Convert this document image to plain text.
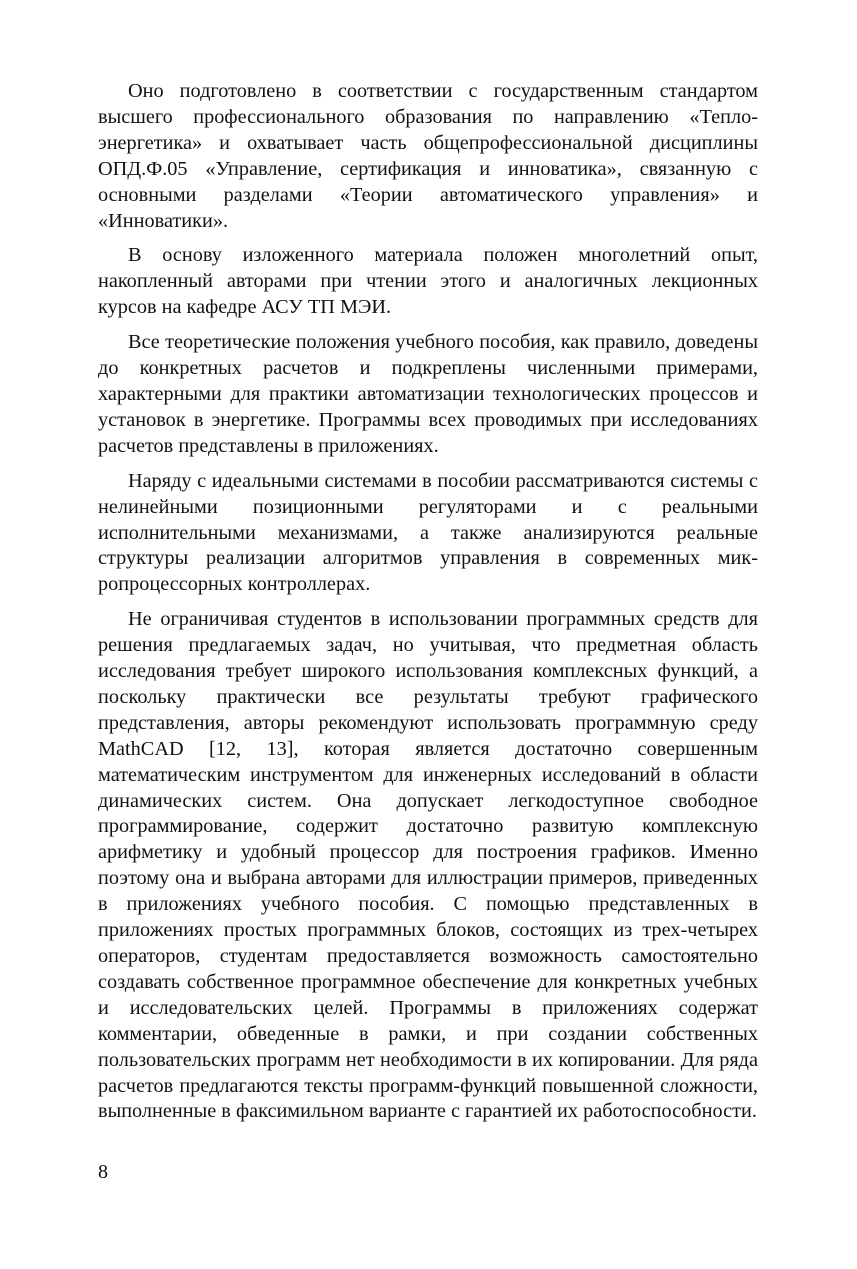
Оно подготовлено в соответствии с государственным стандартом высшего профессионального образования по направлению «Теплоэнергетика» и охватывает часть общепрофессиональной дисциплины ОПД.Ф.05 «Управление, сертификация и инноватика», связанную с основными разделами «Теории автоматического управления» и «Инноватики».

В основу изложенного материала положен многолетний опыт, накопленный авторами при чтении этого и аналогичных лекционных курсов на кафедре АСУ ТП МЭИ.

Все теоретические положения учебного пособия, как правило, доведены до конкретных расчетов и подкреплены численными примерами, характерными для практики автоматизации технологических процессов и установок в энергетике. Программы всех проводимых при исследованиях расчетов представлены в приложениях.

Наряду с идеальными системами в пособии рассматриваются системы с нелинейными позиционными регуляторами и с реальными исполнительными механизмами, а также анализируются реальные структуры реализации алгоритмов управления в современных микропроцессорных контроллерах.

Не ограничивая студентов в использовании программных средств для решения предлагаемых задач, но учитывая, что предметная область исследования требует широкого использования комплексных функций, а поскольку практически все результаты требуют графического представления, авторы рекомендуют использовать программную среду MathCAD [12, 13], которая является достаточно совершенным математическим инструментом для инженерных исследований в области динамических систем. Она допускает легкодоступное свободное программирование, содержит достаточно развитую комплексную арифметику и удобный процессор для построения графиков. Именно поэтому она и выбрана авторами для иллюстрации примеров, приведенных в приложениях учебного пособия. С помощью представленных в приложениях простых программных блоков, состоящих из трех-четырех операторов, студентам предоставляется возможность самостоятельно создавать собственное программное обеспечение для конкретных учебных и исследовательских целей. Программы в приложениях содержат комментарии, обведенные в рамки, и при создании собственных пользовательских программ нет необходимости в их копировании. Для ряда расчетов предлагаются тексты программ-функций повышенной сложности, выполненные в факсимильном варианте с гарантией их работоспособности.

8
